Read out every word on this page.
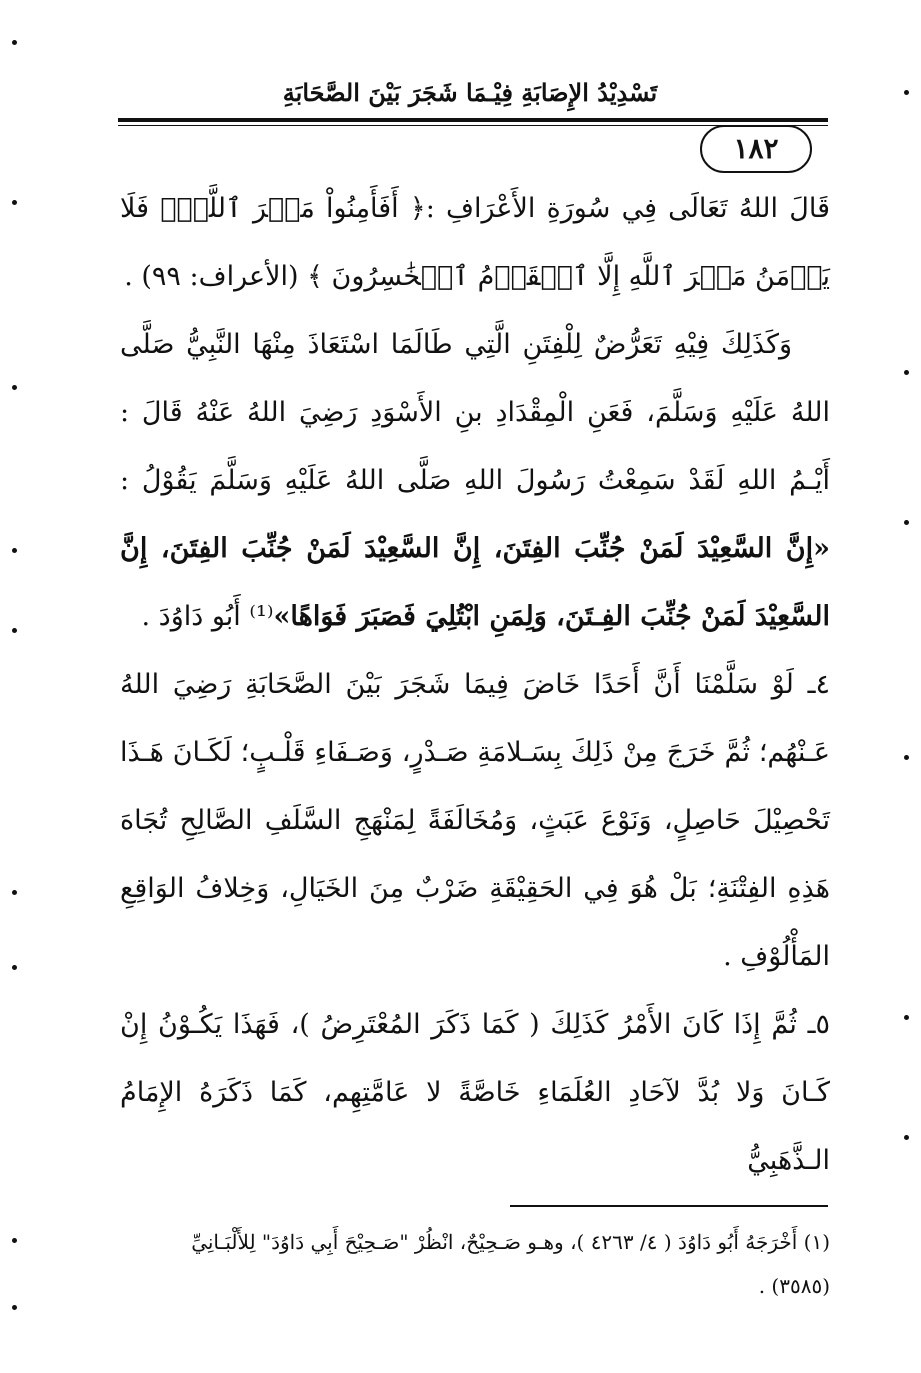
تَسْدِيْدُ الإِصَابَةِ فِيْـمَا شَجَرَ بَيْنَ الصَّحَابَةِ
١٨٢

قَالَ اللهُ تَعَالَى فِي سُورَةِ الأَعْرَافِ :﴿ أَفَأَمِنُواْ مَكۡرَ ٱللَّهِۚ فَلَا يَأۡمَنُ مَكۡرَ ٱللَّهِ إِلَّا ٱلۡقَوۡمُ ٱلۡخَٰسِرُونَ ﴾ (الأعراف: ٩٩) .

وَكَذَلِكَ فِيْهِ تَعَرُّضٌ لِلْفِتَنِ الَّتِي طَالَمَا اسْتَعَاذَ مِنْهَا النَّبِيُّ صَلَّى اللهُ عَلَيْهِ وَسَلَّمَ، فَعَنِ الْمِقْدَادِ بنِ الأَسْوَدِ رَضِيَ اللهُ عَنْهُ قَالَ : أَيْـمُ اللهِ لَقَدْ سَمِعْتُ رَسُولَ اللهِ صَلَّى اللهُ عَلَيْهِ وَسَلَّمَ يَقُوْلُ : «إِنَّ السَّعِيْدَ لَمَنْ جُنِّبَ الفِتَنَ، إِنَّ السَّعِيْدَ لَمَنْ جُنِّبَ الفِتَنَ، إِنَّ السَّعِيْدَ لَمَنْ جُنِّبَ الفِـتَنَ، وَلِمَنِ ابْتُلِيَ فَصَبَرَ فَوَاهًا»⁽¹⁾ أَبُو دَاوُدَ .

٤ـ لَوْ سَلَّمْنَا أَنَّ أَحَدًا خَاضَ فِيمَا شَجَرَ بَيْنَ الصَّحَابَةِ رَضِيَ اللهُ عَـنْهُم؛ ثُمَّ خَرَجَ مِنْ ذَلِكَ بِسَـلامَةِ صَـدْرٍ، وَصَـفَاءِ قَلْـبٍ؛ لَكَـانَ هَـذَا تَحْصِيْلَ حَاصِلٍ، وَنَوْعَ عَبَثٍ، وَمُخَالَفَةً لِمَنْهَجِ السَّلَفِ الصَّالِحِ تُجَاهَ هَذِهِ الفِتْنَةِ؛ بَلْ هُوَ فِي الحَقِيْقَةِ ضَرْبٌ مِنَ الخَيَالِ، وَخِلافُ الوَاقِعِ المَأْلُوْفِ .

٥ـ ثُمَّ إِذَا كَانَ الأَمْرُ كَذَلِكَ ( كَمَا ذَكَرَ المُعْتَرِضُ )، فَهَذَا يَكُـوْنُ إِنْ كَـانَ وَلا بُدَّ لآحَادِ العُلَمَاءِ خَاصَّةً لا عَامَّتِهِم، كَمَا ذَكَرَهُ الإِمَامُ الـذَّهَبِيُّ

(١) أَخْرَجَهُ أَبُو دَاوُدَ ( ٤/ ٤٢٦٣ )، وهـو صَـحِيْحٌ، انْظُرْ "صَـحِيْحَ أَبِي دَاوُدَ" لِلأَلْبَـانِيِّ

(٣٥٨٥) .
